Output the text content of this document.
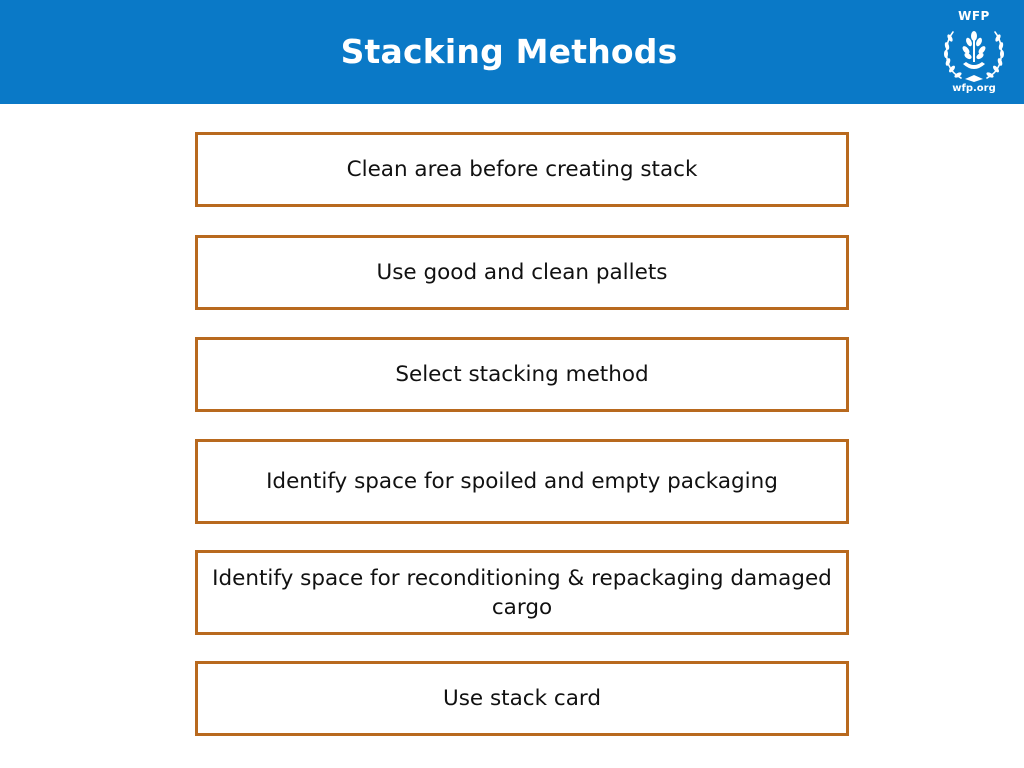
Stacking Methods
WFP
wfp.org
Clean area before creating stack
Use good and clean pallets
Select stacking method
Identify space for spoiled and empty packaging
Identify space for reconditioning & repackaging damaged cargo
Use stack card
